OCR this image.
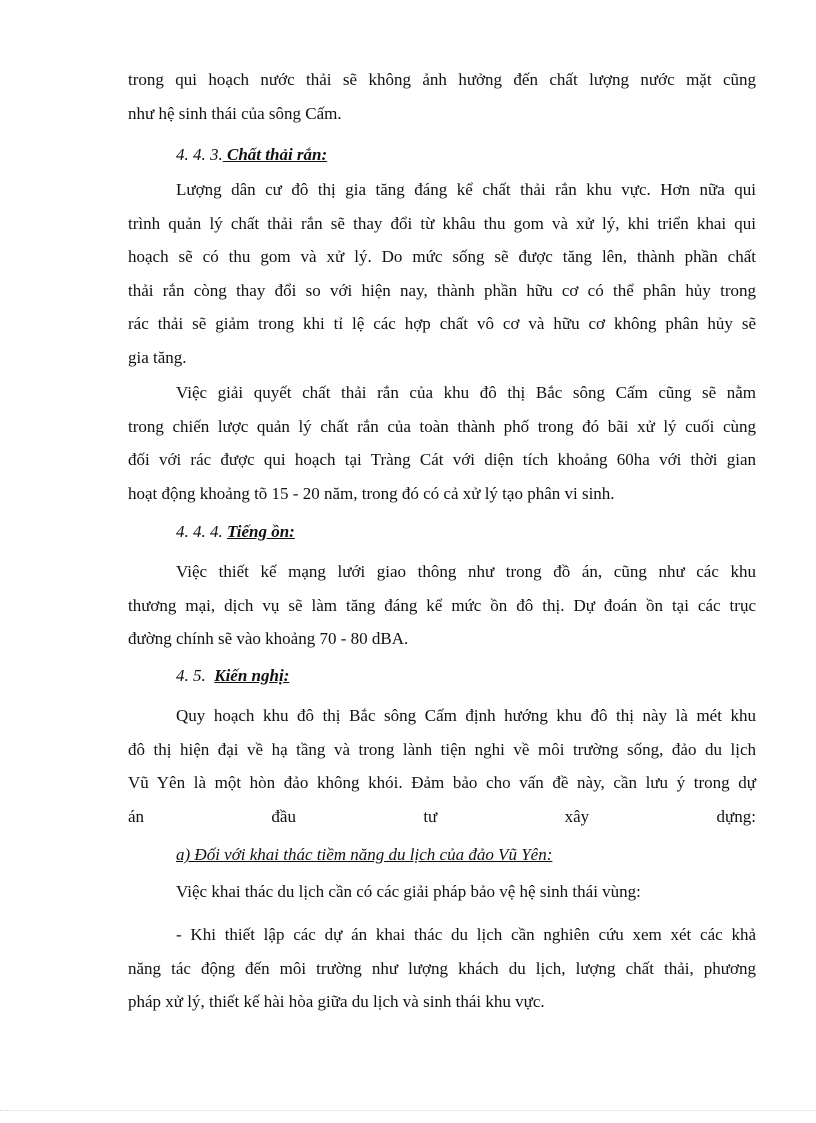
trong qui hoạch nước thải sẽ không ảnh hưởng đến chất lượng nước mặt cũng
như hệ sinh thái của sông Cấm.
4. 4. 3. Chất thải rắn:
Lượng dân cư đô thị gia tăng đáng kể chất thải rắn khu vực. Hơn nữa qui
trình quản lý chất thải rắn sẽ thay đổi từ khâu thu gom và xử lý, khi triển khai qui
hoạch sẽ có thu gom và xử lý. Do mức sống sẽ được tăng lên, thành phần chất
thải rắn còng thay đổi so với hiện nay, thành phần hữu cơ có thể phân hủy trong
rác thải sẽ giảm trong khi tỉ lệ các hợp chất vô cơ và hữu cơ không phân hủy sẽ
gia tăng.
Việc giải quyết chất thải rắn của khu đô thị Bắc sông Cấm cũng sẽ nằm
trong chiến lược quản lý chất rắn của toàn thành phố trong đó bãi xử lý cuối cùng
đối với rác được qui hoạch tại Tràng Cát với diện tích khoảng 60ha với thời gian
hoạt động khoảng tõ 15 - 20 năm, trong đó có cả xử lý tạo phân vi sinh.
4. 4. 4. Tiếng ồn:
Việc thiết kế mạng lưới giao thông như trong đồ án, cũng như các khu
thương mại, dịch vụ sẽ làm tăng đáng kể mức ồn đô thị. Dự đoán ồn tại các trục
đường chính sẽ vào khoảng 70 - 80 dBA.
4. 5. Kiến nghị:
Quy hoạch khu đô thị Bắc sông Cấm định hướng khu đô thị này là mét khu
đô thị hiện đại về hạ tầng và trong lành tiện nghi về môi trường sống, đảo du lịch
Vũ Yên là một hòn đảo không khói. Đảm bảo cho vấn đề này, cần lưu ý trong dự
án đầu tư xây dựng:
a) Đối với khai thác tiềm năng du lịch của đảo Vũ Yên:
Việc khai thác du lịch cần có các giải pháp bảo vệ hệ sinh thái vùng:
- Khi thiết lập các dự án khai thác du lịch cần nghiên cứu xem xét các khả
năng tác động đến môi trường như lượng khách du lịch, lượng chất thải, phương
pháp xử lý, thiết kế hài hòa giữa du lịch và sinh thái khu vực.
